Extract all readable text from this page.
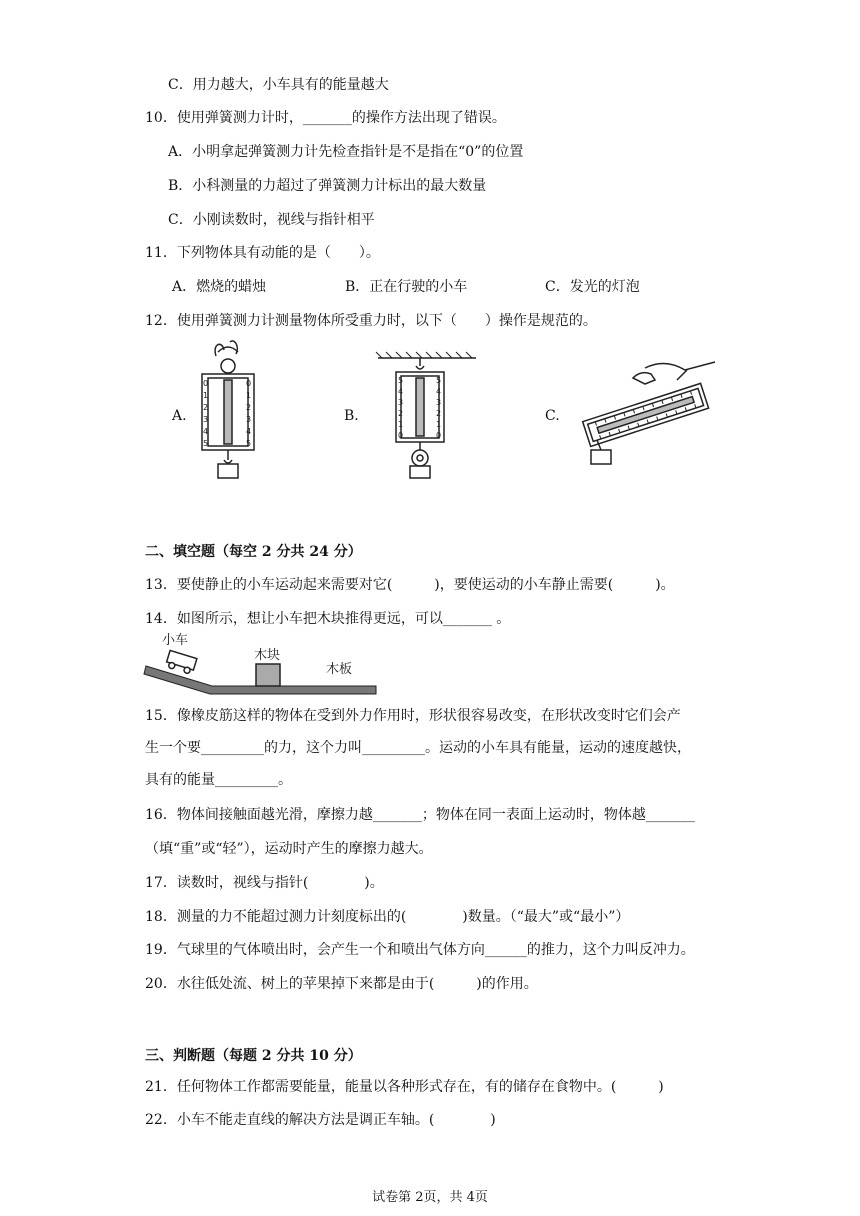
C．用力越大，小车具有的能量越大
10．使用弹簧测力计时，_______的操作方法出现了错误。
A．小明拿起弹簧测力计先检查指针是不是指在“0”的位置
B．小科测量的力超过了弹簧测力计标出的最大数量
C．小刚读数时，视线与指针相平
11．下列物体具有动能的是（　　）。
A．燃烧的蜡烛	B．正在行驶的小车	C．发光的灯泡
12．使用弹簧测力计测量物体所受重力时，以下（　　）操作是规范的。
A.
0
1
2
3
4
5
0
1
2
3
4
5
B.
5
4
3
2
1
0
5
4
3
2
1
0
C.
二、填空题（每空 2 分共 24 分）
13．要使静止的小车运动起来需要对它(　　　)，要使运动的小车静止需要(　　　)。
14．如图所示，想让小车把木块推得更远，可以_______ 。
小车
木块
木板
15．像橡皮筋这样的物体在受到外力作用时，形状很容易改变，在形状改变时它们会产
生一个要_________的力，这个力叫_________。运动的小车具有能量，运动的速度越快，
具有的能量_________。
16．物体间接触面越光滑，摩擦力越_______；物体在同一表面上运动时，物体越_______
（填“重”或“轻”），运动时产生的摩擦力越大。
17．读数时，视线与指针(　　　　)。
18．测量的力不能超过测力计刻度标出的(　　　　)数量。（“最大”或“最小”）
19．气球里的气体喷出时，会产生一个和喷出气体方向______的推力，这个力叫反冲力。
20．水往低处流、树上的苹果掉下来都是由于(　　　)的作用。
三、判断题（每题 2 分共 10 分）
21．任何物体工作都需要能量，能量以各种形式存在，有的储存在食物中。(　　　)
22．小车不能走直线的解决方法是调正车轴。(　　　　)
试卷第 2页，共 4页
